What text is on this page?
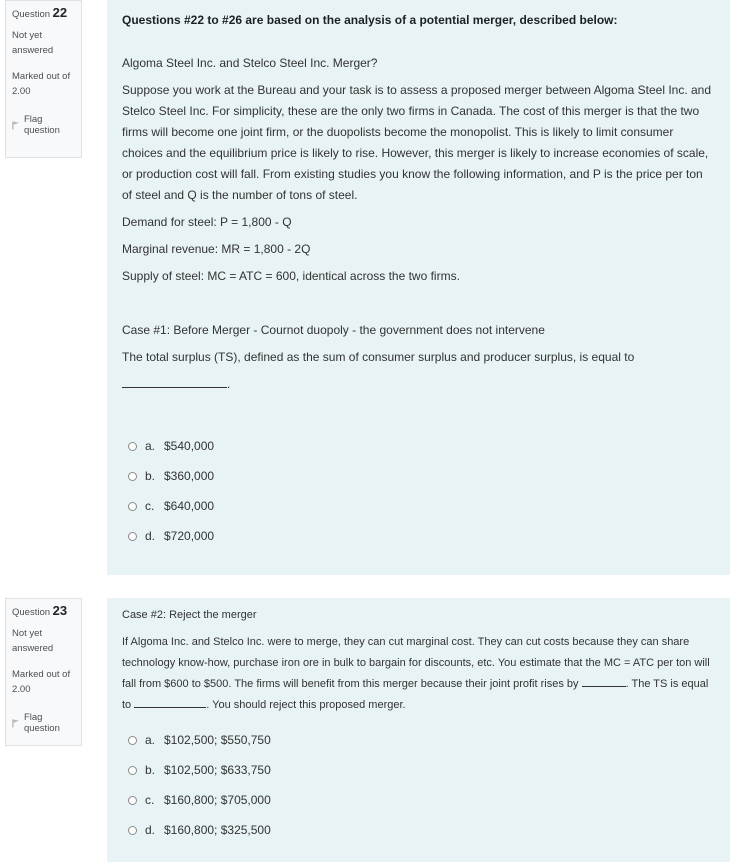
Question 22
Not yet
answered
Marked out of
2.00
Flag question

Questions #22 to #26 are based on the analysis of a potential merger, described below:

Algoma Steel Inc. and Stelco Steel Inc. Merger?

Suppose you work at the Bureau and your task is to assess a proposed merger between Algoma Steel Inc. and Stelco Steel Inc. For simplicity, these are the only two firms in Canada. The cost of this merger is that the two firms will become one joint firm, or the duopolists become the monopolist. This is likely to limit consumer choices and the equilibrium price is likely to rise. However, this merger is likely to increase economies of scale, or production cost will fall. From existing studies you know the following information, and P is the price per ton of steel and Q is the number of tons of steel.

Demand for steel: P = 1,800 - Q

Marginal revenue: MR = 1,800 - 2Q

Supply of steel: MC = ATC = 600, identical across the two firms.

Case #1: Before Merger - Cournot duopoly - the government does not intervene

The total surplus (TS), defined as the sum of consumer surplus and producer surplus, is equal to

.

a. $540,000
b. $360,000
c. $640,000
d. $720,000
Question 23
Not yet
answered
Marked out of
2.00
Flag question

Case #2: Reject the merger

If Algoma Inc. and Stelco Inc. were to merge, they can cut marginal cost. They can cut costs because they can share technology know-how, purchase iron ore in bulk to bargain for discounts, etc. You estimate that the MC = ATC per ton will fall from $600 to $500. The firms will benefit from this merger because their joint profit rises by	. The TS is equal to	. You should reject this proposed merger.

a. $102,500; $550,750
b. $102,500; $633,750
c. $160,800; $705,000
d. $160,800; $325,500
